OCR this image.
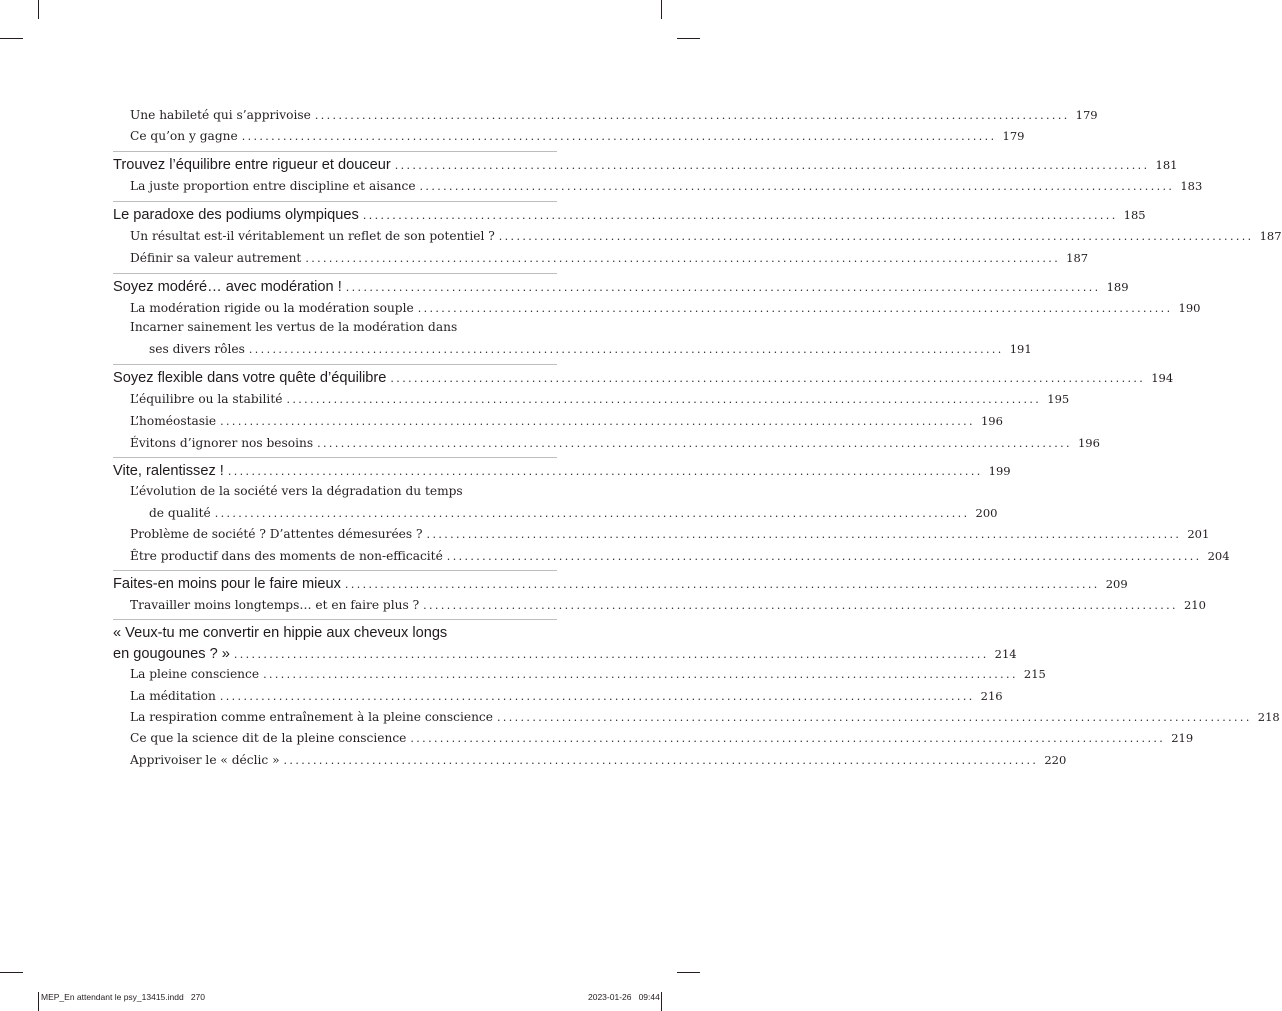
Une habileté qui s’apprivoise ................................................................................................................................ 179
Ce qu’on y gagne ................................................................................................................................ 179
Trouvez l’équilibre entre rigueur et douceur ................................................................................................................................ 181
La juste proportion entre discipline et aisance ................................................................................................................................ 183
Le paradoxe des podiums olympiques ................................................................................................................................ 185
Un résultat est-il véritablement un reflet de son potentiel ? ................................................................................................................................ 187
Définir sa valeur autrement ................................................................................................................................ 187
Soyez modéré… avec modération ! ................................................................................................................................ 189
La modération rigide ou la modération souple ................................................................................................................................ 190
Incarner sainement les vertus de la modération dans
ses divers rôles ................................................................................................................................ 191
Soyez flexible dans votre quête d’équilibre ................................................................................................................................ 194
L’équilibre ou la stabilité ................................................................................................................................ 195
L’homéostasie ................................................................................................................................ 196
Évitons d’ignorer nos besoins ................................................................................................................................ 196
Vite, ralentissez ! ................................................................................................................................ 199
L’évolution de la société vers la dégradation du temps
de qualité ................................................................................................................................ 200
Problème de société ? D’attentes démesurées ? ................................................................................................................................ 201
Être productif dans des moments de non-efficacité ................................................................................................................................ 204
Faites-en moins pour le faire mieux ................................................................................................................................ 209
Travailler moins longtemps… et en faire plus ? ................................................................................................................................ 210
« Veux-tu me convertir en hippie aux cheveux longs
en gougounes ? » ................................................................................................................................ 214
La pleine conscience ................................................................................................................................ 215
La méditation ................................................................................................................................ 216
La respiration comme entraînement à la pleine conscience ................................................................................................................................ 218
Ce que la science dit de la pleine conscience ................................................................................................................................ 219
Apprivoiser le « déclic » ................................................................................................................................ 220
MEP_En attendant le psy_13415.indd 270	2023-01-26 09:44
